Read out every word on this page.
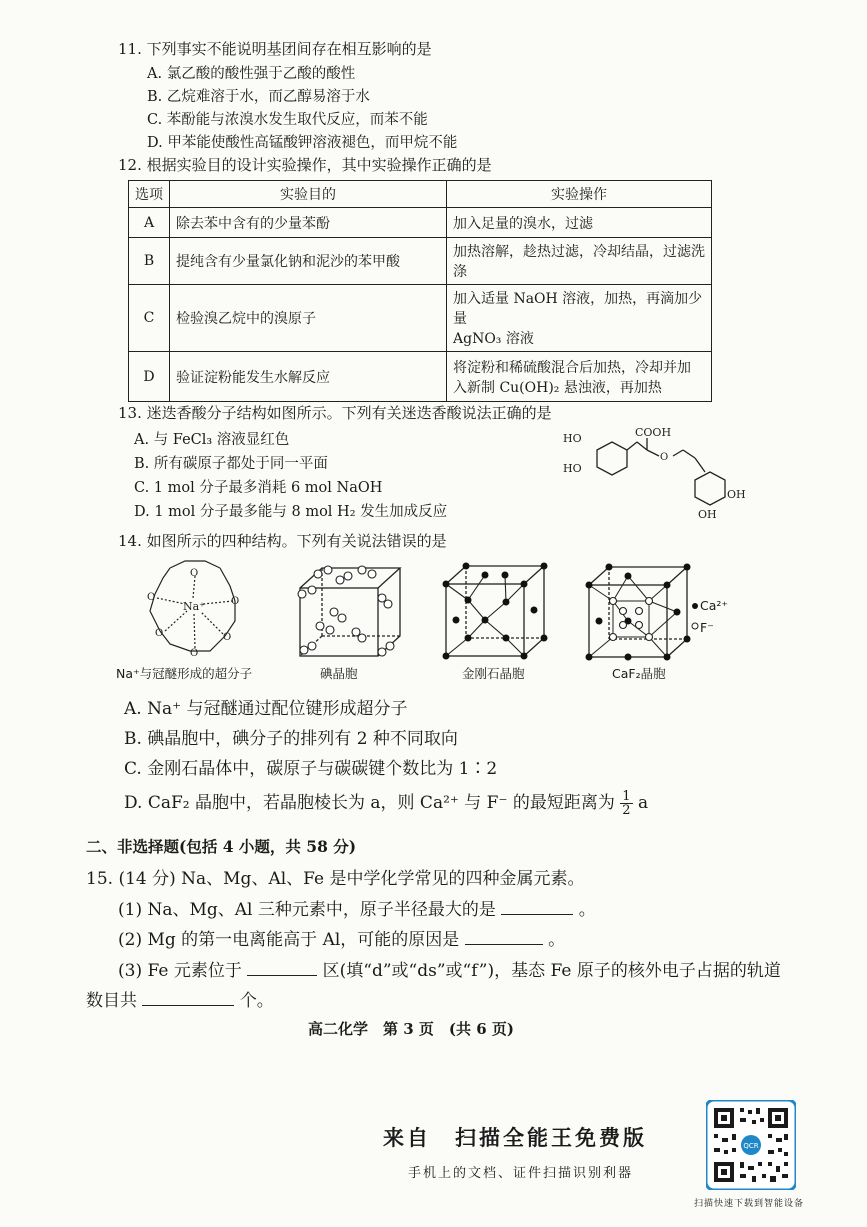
11. 下列事实不能说明基团间存在相互影响的是
A. 氯乙酸的酸性强于乙酸的酸性
B. 乙烷难溶于水，而乙醇易溶于水
C. 苯酚能与浓溴水发生取代反应，而苯不能
D. 甲苯能使酸性高锰酸钾溶液褪色，而甲烷不能
12. 根据实验目的设计实验操作，其中实验操作正确的是
选项	实验目的	实验操作
A	除去苯中含有的少量苯酚	加入足量的溴水，过滤
B	提纯含有少量氯化钠和泥沙的苯甲酸	加热溶解，趁热过滤，冷却结晶，过滤洗涤
C	检验溴乙烷中的溴原子	加入适量 NaOH 溶液，加热，再滴加少量
AgNO₃ 溶液

D	验证淀粉能发生水解反应	将淀粉和稀硫酸混合后加热，冷却并加
入新制 Cu(OH)₂ 悬浊液，再加热
13. 迷迭香酸分子结构如图所示。下列有关迷迭香酸说法正确的是
A. 与 FeCl₃ 溶液显红色
B. 所有碳原子都处于同一平面
C. 1 mol 分子最多消耗 6 mol NaOH
D. 1 mol 分子最多能与 8 mol H₂ 发生加成反应
HO
HO
COOH
O
OH
OH
14. 如图所示的四种结构。下列有关说法错误的是
Na⁺
O
O	O
O	O
O
Na⁺与冠醚形成的超分子	碘晶胞	金刚石晶胞
Ca²⁺
F⁻
CaF₂晶胞
A. Na⁺ 与冠醚通过配位键形成超分子
B. 碘晶胞中，碘分子的排列有 2 种不同取向
C. 金刚石晶体中，碳原子与碳碳键个数比为 1∶2
D. CaF₂ 晶胞中，若晶胞棱长为 a，则 Ca²⁺ 与 F⁻ 的最短距离为 $\frac{1}{2}$ a
二、非选择题(包括 4 小题，共 58 分)
15. (14 分) Na、Mg、Al、Fe 是中学化学常见的四种金属元素。
(1) Na、Mg、Al 三种元素中，原子半径最大的是	。
(2) Mg 的第一电离能高于 Al，可能的原因是	。
(3) Fe 元素位于	区(填“d”或“ds”或“f”)，基态 Fe 原子的核外电子占据的轨道
数目共	个。
高二化学　第 3 页　(共 6 页)
来自　扫描全能王免费版
手机上的文档、证件扫描识别利器
QCR
扫描快速下载到智能设备
